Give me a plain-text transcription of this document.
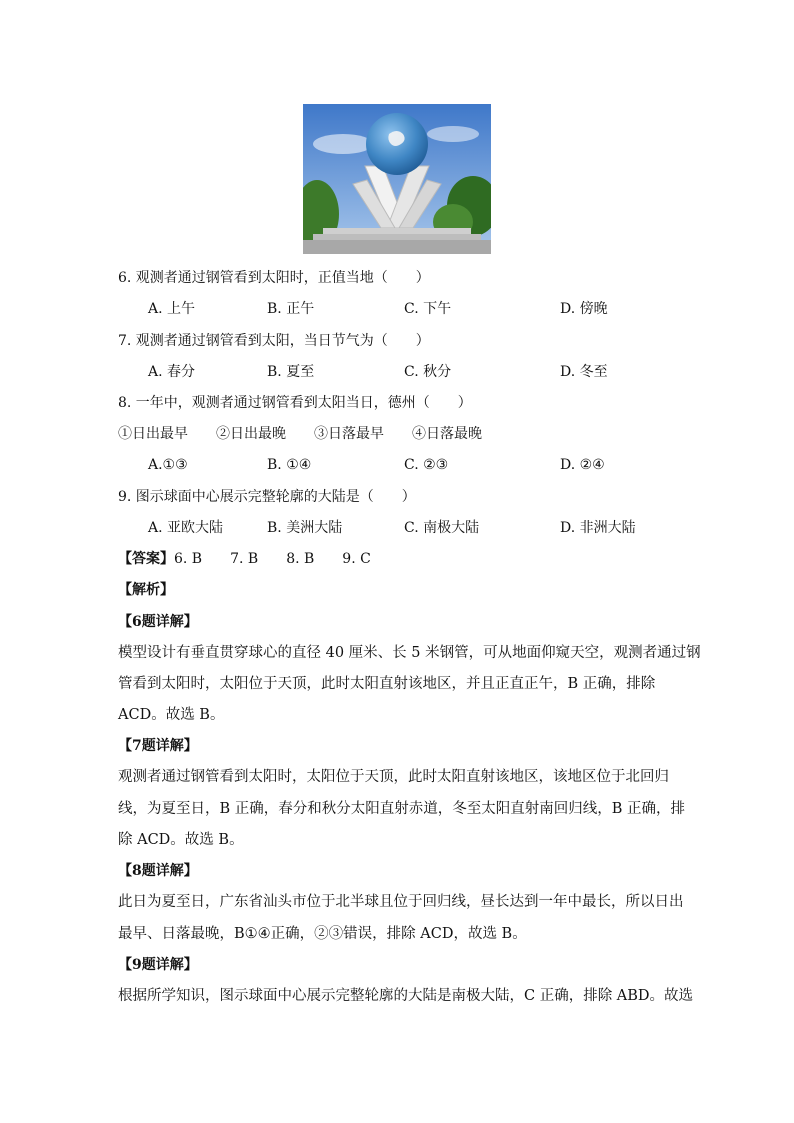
6. 观测者通过钢管看到太阳时，正值当地（　　）
A. 上午	B. 正午	C. 下午	D. 傍晚
7. 观测者通过钢管看到太阳，当日节气为（　　）
A. 春分	B. 夏至	C. 秋分	D. 冬至
8. 一年中，观测者通过钢管看到太阳当日，德州（　　）
①日出最早　　②日出最晚　　③日落最早　　④日落最晚
A.①③	B. ①④	C. ②③	D. ②④
9. 图示球面中心展示完整轮廓的大陆是（　　）
A. 亚欧大陆	B. 美洲大陆	C. 南极大陆	D. 非洲大陆
【答案】6. B　　7. B　　8. B　　9. C
【解析】
【6题详解】
模型设计有垂直贯穿球心的直径 40 厘米、长 5 米钢管，可从地面仰窥天空，观测者通过钢
管看到太阳时，太阳位于天顶，此时太阳直射该地区，并且正直正午，B 正确，排除
ACD。故选 B。
【7题详解】
观测者通过钢管看到太阳时，太阳位于天顶，此时太阳直射该地区，该地区位于北回归
线，为夏至日，B 正确，春分和秋分太阳直射赤道，冬至太阳直射南回归线，B 正确，排
除 ACD。故选 B。
【8题详解】
此日为夏至日，广东省汕头市位于北半球且位于回归线，昼长达到一年中最长，所以日出
最早、日落最晚，B①④正确，②③错误，排除 ACD，故选 B。
【9题详解】
根据所学知识，图示球面中心展示完整轮廓的大陆是南极大陆，C 正确，排除 ABD。故选
